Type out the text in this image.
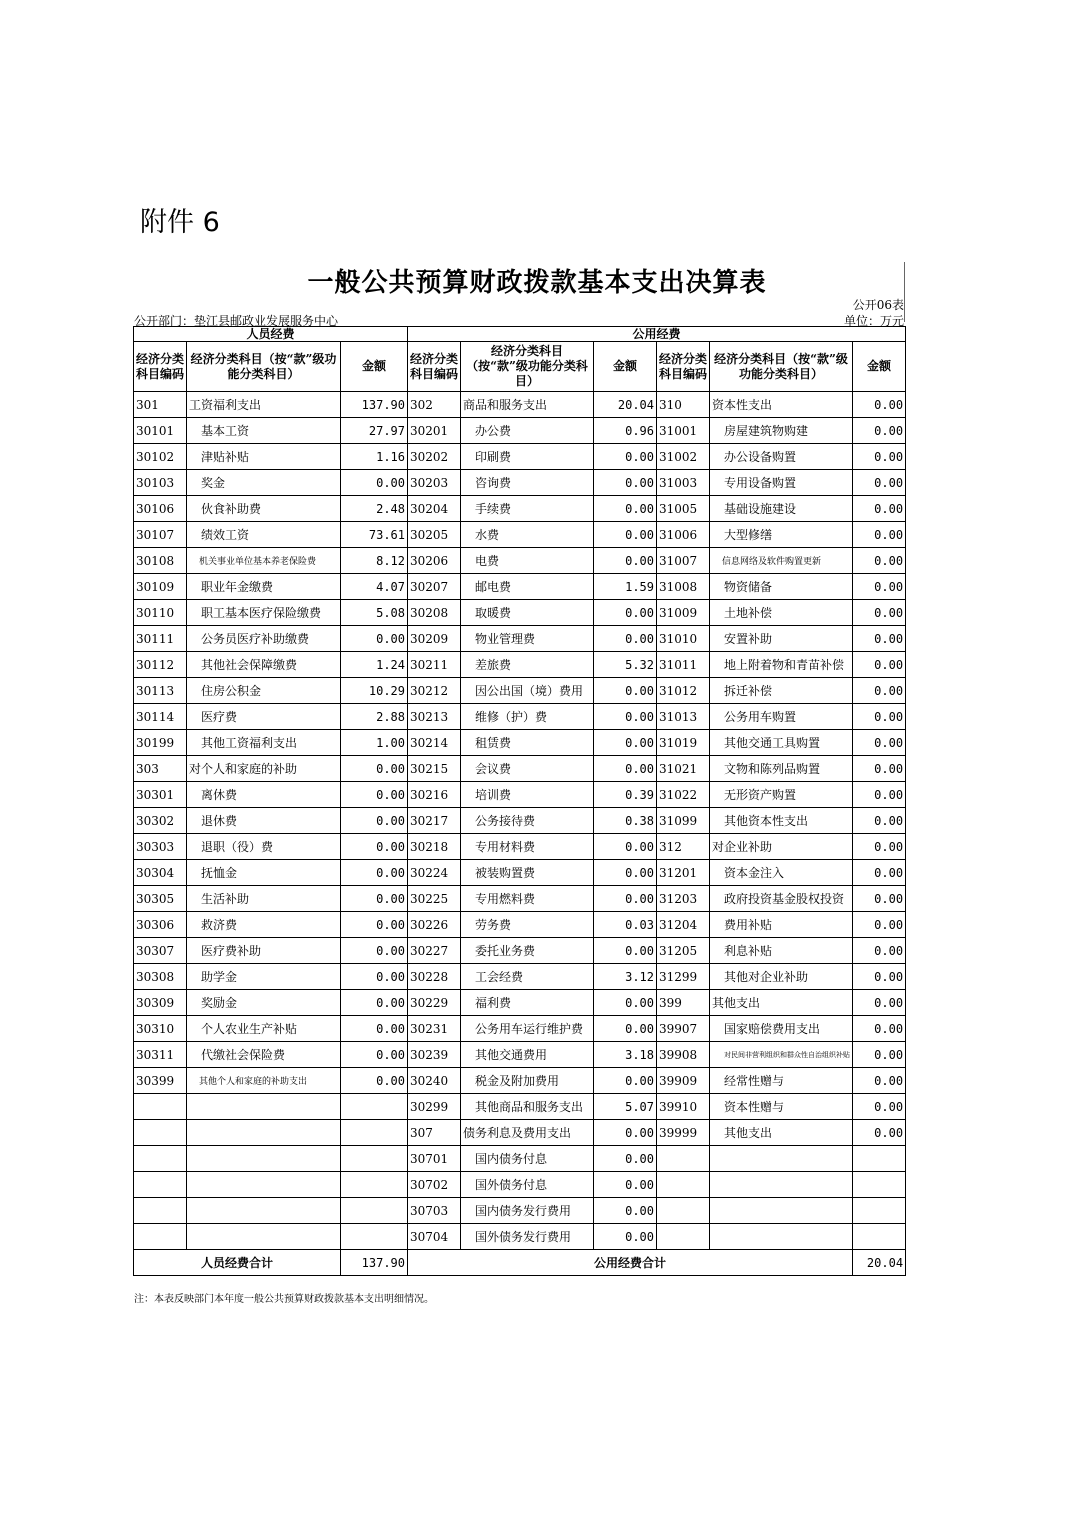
附件 6
一般公共预算财政拨款基本支出决算表
公开06表
公开部门：垫江县邮政业发展服务中心	单位：万元
人员经费			公用经费					
经济分类科目编码	经济分类科目（按“款”级功能分类科目）	金额	经济分类科目编码	经济分类科目（按“款”级功能分类科目）	金额	经济分类科目编码	经济分类科目（按“款”级功能分类科目）	金额
301	工资福利支出	137.90	302	商品和服务支出	20.04	310	资本性支出	0.00
30101	基本工资	27.97	30201	办公费	0.96	31001	房屋建筑物购建	0.00
30102	津贴补贴	1.16	30202	印刷费	0.00	31002	办公设备购置	0.00
30103	奖金	0.00	30203	咨询费	0.00	31003	专用设备购置	0.00
30106	伙食补助费	2.48	30204	手续费	0.00	31005	基础设施建设	0.00
30107	绩效工资	73.61	30205	水费	0.00	31006	大型修缮	0.00
30108	机关事业单位基本养老保险费	8.12	30206	电费	0.00	31007	信息网络及软件购置更新	0.00
30109	职业年金缴费	4.07	30207	邮电费	1.59	31008	物资储备	0.00
30110	职工基本医疗保险缴费	5.08	30208	取暖费	0.00	31009	土地补偿	0.00
30111	公务员医疗补助缴费	0.00	30209	物业管理费	0.00	31010	安置补助	0.00
30112	其他社会保障缴费	1.24	30211	差旅费	5.32	31011	地上附着物和青苗补偿	0.00
30113	住房公积金	10.29	30212	因公出国（境）费用	0.00	31012	拆迁补偿	0.00
30114	医疗费	2.88	30213	维修（护）费	0.00	31013	公务用车购置	0.00
30199	其他工资福利支出	1.00	30214	租赁费	0.00	31019	其他交通工具购置	0.00
303	对个人和家庭的补助	0.00	30215	会议费	0.00	31021	文物和陈列品购置	0.00
30301	离休费	0.00	30216	培训费	0.39	31022	无形资产购置	0.00
30302	退休费	0.00	30217	公务接待费	0.38	31099	其他资本性支出	0.00
30303	退职（役）费	0.00	30218	专用材料费	0.00	312	对企业补助	0.00
30304	抚恤金	0.00	30224	被装购置费	0.00	31201	资本金注入	0.00
30305	生活补助	0.00	30225	专用燃料费	0.00	31203	政府投资基金股权投资	0.00
30306	救济费	0.00	30226	劳务费	0.03	31204	费用补贴	0.00
30307	医疗费补助	0.00	30227	委托业务费	0.00	31205	利息补贴	0.00
30308	助学金	0.00	30228	工会经费	3.12	31299	其他对企业补助	0.00
30309	奖励金	0.00	30229	福利费	0.00	399	其他支出	0.00
30310	个人农业生产补贴	0.00	30231	公务用车运行维护费	0.00	39907	国家赔偿费用支出	0.00
30311	代缴社会保险费	0.00	30239	其他交通费用	3.18	39908	对民间非营利组织和群众性自治组织补贴	0.00
30399	其他个人和家庭的补助支出	0.00	30240	税金及附加费用	0.00	39909	经常性赠与	0.00
			30299	其他商品和服务支出	5.07	39910	资本性赠与	0.00
			307	债务利息及费用支出	0.00	39999	其他支出	0.00
			30701	国内债务付息	0.00			
			30702	国外债务付息	0.00			
			30703	国内债务发行费用	0.00			
			30704	国外债务发行费用	0.00			
人员经费合计		137.90	公用经费合计					20.04
注：本表反映部门本年度一般公共预算财政拨款基本支出明细情况。
